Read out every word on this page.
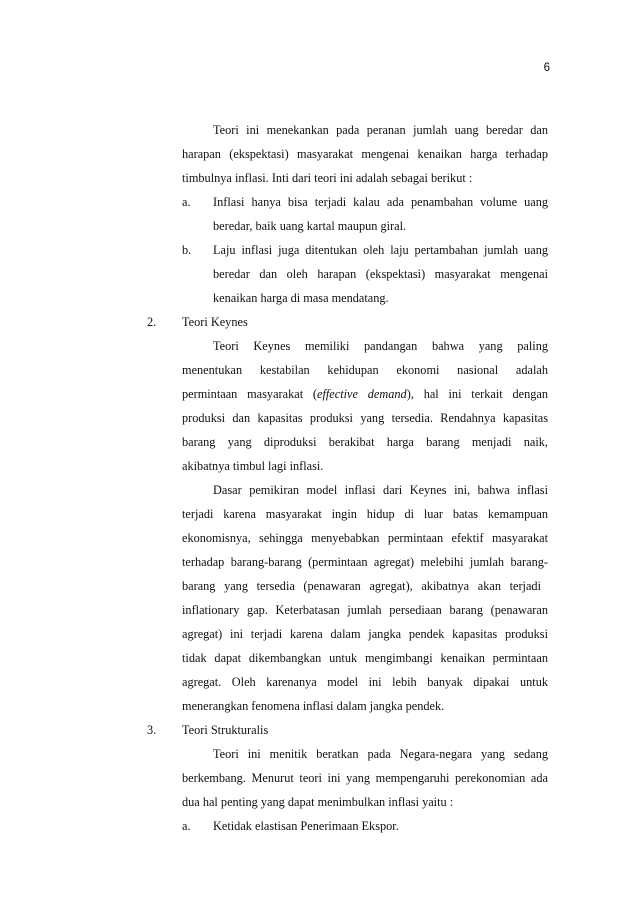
6
Teori ini menekankan pada peranan jumlah uang beredar dan
harapan (ekspektasi) masyarakat mengenai kenaikan harga terhadap
timbulnya inflasi. Inti dari teori ini adalah sebagai berikut :
a. Inflasi hanya bisa terjadi kalau ada penambahan volume uang
beredar, baik uang kartal maupun giral.
b. Laju inflasi juga ditentukan oleh laju pertambahan jumlah uang
beredar dan oleh harapan (ekspektasi) masyarakat mengenai
kenaikan harga di masa mendatang.
2. Teori Keynes
Teori Keynes memiliki pandangan bahwa yang paling
menentukan kestabilan kehidupan ekonomi nasional adalah
permintaan masyarakat (effective demand), hal ini terkait dengan
produksi dan kapasitas produksi yang tersedia. Rendahnya kapasitas
barang yang diproduksi berakibat harga barang menjadi naik,
akibatnya timbul lagi inflasi.
Dasar pemikiran model inflasi dari Keynes ini, bahwa inflasi
terjadi karena masyarakat ingin hidup di luar batas kemampuan
ekonomisnya, sehingga menyebabkan permintaan efektif masyarakat
terhadap barang-barang (permintaan agregat) melebihi jumlah barang-
barang yang tersedia (penawaran agregat), akibatnya akan terjadi
inflationary gap. Keterbatasan jumlah persediaan barang (penawaran
agregat) ini terjadi karena dalam jangka pendek kapasitas produksi
tidak dapat dikembangkan untuk mengimbangi kenaikan permintaan
agregat. Oleh karenanya model ini lebih banyak dipakai untuk
menerangkan fenomena inflasi dalam jangka pendek.
3. Teori Strukturalis
Teori ini menitik beratkan pada Negara-negara yang sedang
berkembang. Menurut teori ini yang mempengaruhi perekonomian ada
dua hal penting yang dapat menimbulkan inflasi yaitu :
a. Ketidak elastisan Penerimaan Ekspor.
